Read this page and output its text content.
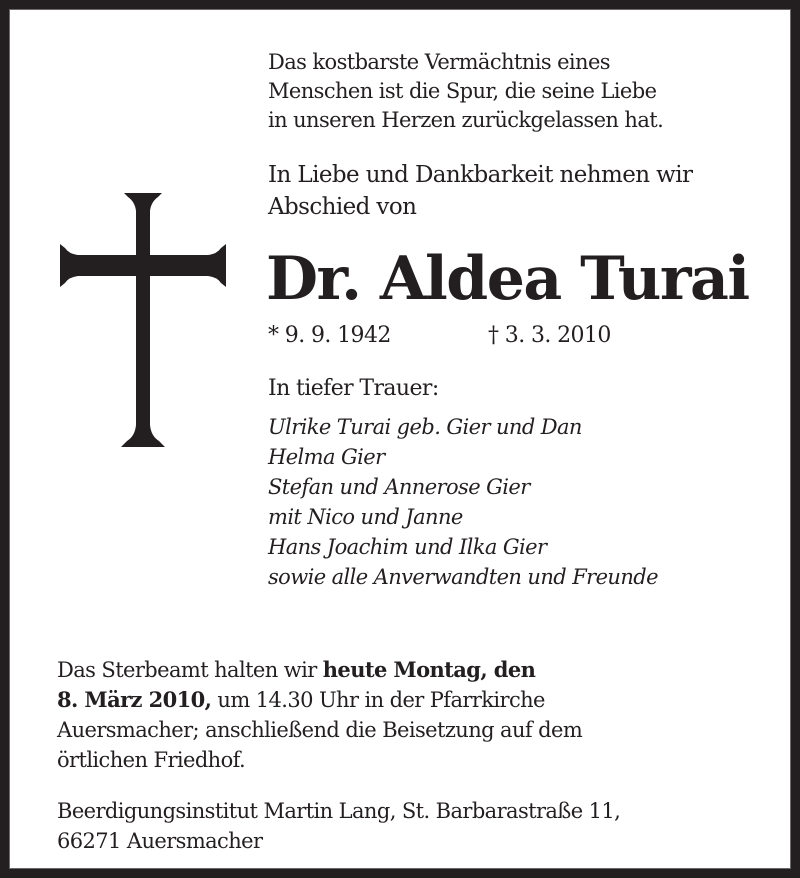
Das kostbarste Vermächtnis eines
Menschen ist die Spur, die seine Liebe
in unseren Herzen zurückgelassen hat.
In Liebe und Dankbarkeit nehmen wir
Abschied von
Dr. Aldea Turai
* 9. 9. 1942	† 3. 3. 2010
In tiefer Trauer:
Ulrike Turai geb. Gier und Dan
Helma Gier
Stefan und Annerose Gier
mit Nico und Janne
Hans Joachim und Ilka Gier
sowie alle Anverwandten und Freunde
Das Sterbeamt halten wir heute Montag, den
8. März 2010, um 14.30 Uhr in der Pfarrkirche
Auersmacher; anschließend die Beisetzung auf dem
örtlichen Friedhof.
Beerdigungsinstitut Martin Lang, St. Barbarastraße 11,
66271 Auersmacher
